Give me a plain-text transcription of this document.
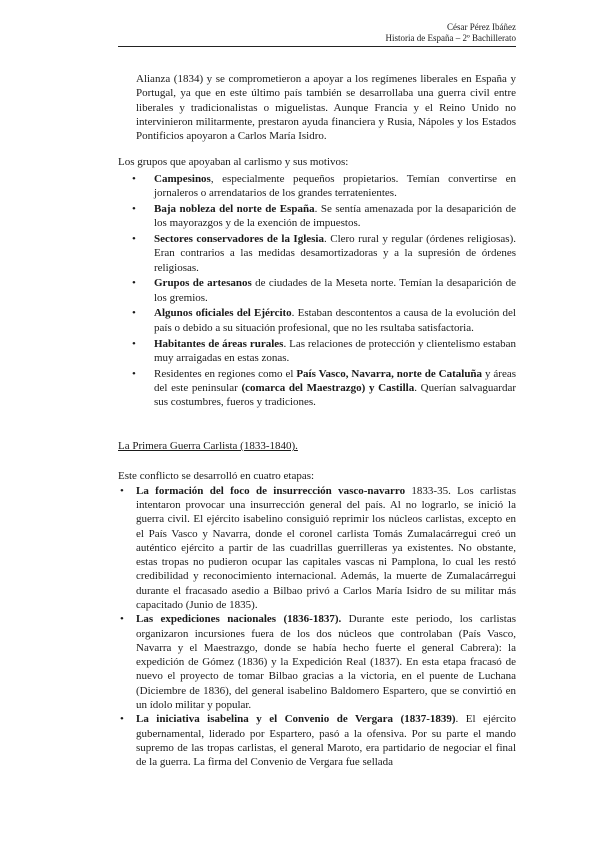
César Pérez Ibáñez
Historia de España – 2º Bachillerato

Alianza (1834) y se comprometieron a apoyar a los regímenes liberales en España y Portugal, ya que en este último país también se desarrollaba una guerra civil entre liberales y tradicionalistas o miguelistas. Aunque Francia y el Reino Unido no intervinieron militarmente, prestaron ayuda financiera y Rusia, Nápoles y los Estados Pontificios apoyaron a Carlos María Isidro.

Los grupos que apoyaban al carlismo y sus motivos:

• Campesinos, especialmente pequeños propietarios. Temían convertirse en jornaleros o arrendatarios de los grandes terratenientes.
• Baja nobleza del norte de España. Se sentía amenazada por la desaparición de los mayorazgos y de la exención de impuestos.
• Sectores conservadores de la Iglesia. Clero rural y regular (órdenes religiosas). Eran contrarios a las medidas desamortizadoras y a la supresión de órdenes religiosas.
• Grupos de artesanos de ciudades de la Meseta norte. Temían la desaparición de los gremios.
• Algunos oficiales del Ejército. Estaban descontentos a causa de la evolución del país o debido a su situación profesional, que no les rsultaba satisfactoria.
• Habitantes de áreas rurales. Las relaciones de protección y clientelismo estaban muy arraigadas en estas zonas.
• Residentes en regiones como el País Vasco, Navarra, norte de Cataluña y áreas del este peninsular (comarca del Maestrazgo) y Castilla. Querían salvaguardar sus costumbres, fueros y tradiciones.

La Primera Guerra Carlista (1833-1840).

Este conflicto se desarrolló en cuatro etapas:

• La formación del foco de insurrección vasco-navarro 1833-35. Los carlistas intentaron provocar una insurrección general del país. Al no lograrlo, se inició la guerra civil. El ejército isabelino consiguió reprimir los núcleos carlistas, excepto en el País Vasco y Navarra, donde el coronel carlista Tomás Zumalacárregui creó un auténtico ejército a partir de las cuadrillas guerrilleras ya existentes. No obstante, estas tropas no pudieron ocupar las capitales vascas ni Pamplona, lo cual les restó credibilidad y reconocimiento internacional. Además, la muerte de Zumalacárregui durante el fracasado asedio a Bilbao privó a Carlos María Isidro de su militar más capacitado (Junio de 1835).
• Las expediciones nacionales (1836-1837). Durante este periodo, los carlistas organizaron incursiones fuera de los dos núcleos que controlaban (País Vasco, Navarra y el Maestrazgo, donde se había hecho fuerte el general Cabrera): la expedición de Gómez (1836) y la Expedición Real (1837). En esta etapa fracasó de nuevo el proyecto de tomar Bilbao gracias a la victoria, en el puente de Luchana (Diciembre de 1836), del general isabelino Baldomero Espartero, que se convirtió en un ídolo militar y popular.
• La iniciativa isabelina y el Convenio de Vergara (1837-1839). El ejército gubernamental, liderado por Espartero, pasó a la ofensiva. Por su parte el mando supremo de las tropas carlistas, el general Maroto, era partidario de negociar el final de la guerra. La firma del Convenio de Vergara fue sellada
